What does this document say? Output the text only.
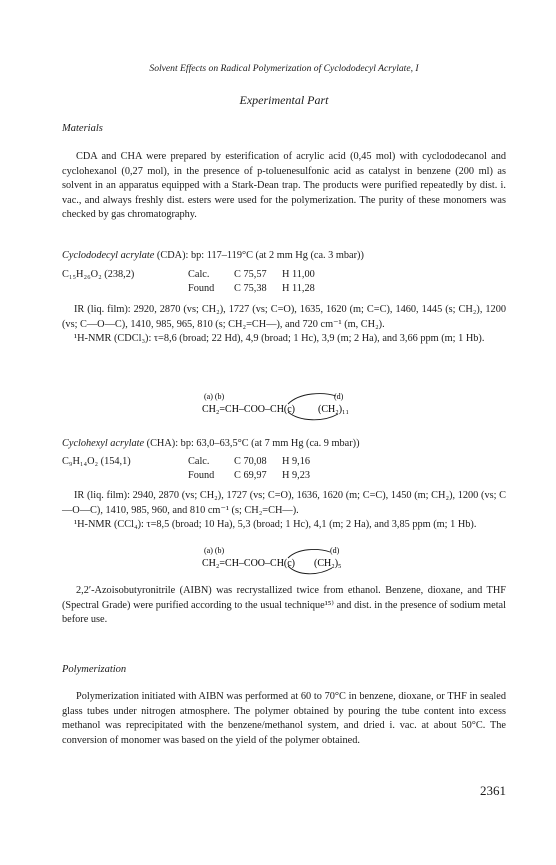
Solvent Effects on Radical Polymerization of Cyclododecyl Acrylate, I
Experimental Part
Materials

CDA and CHA were prepared by esterification of acrylic acid (0,45 mol) with cyclododecanol and cyclohexanol (0,27 mol), in the presence of p-toluenesulfonic acid as catalyst in benzene (200 ml) as solvent in an apparatus equipped with a Stark-Dean trap. The products were purified repeatedly by dist. i. vac., and always freshly dist. esters were used for the polymerization. The purity of these monomers was checked by gas chromatography.

Cyclododecyl acrylate (CDA): bp: 117–119°C (at 2 mm Hg (ca. 3 mbar))
C₁₅H₂₆O₂ (238,2)	Calc. C 75,57 H 11,00
Found C 75,38 H 11,28

IR (liq. film): 2920, 2870 (vs; CH₂), 1727 (vs; C=O), 1635, 1620 (m; C=C), 1460, 1445 (s; CH₂), 1200 (vs; C—O—C), 1410, 985, 965, 810 (s; CH₂=CH—), and 720 cm⁻¹ (m, CH₂).

¹H-NMR (CDCl₃): τ=8,6 (broad; 22 Hd), 4,9 (broad; 1 Hc), 3,9 (m; 2 Ha), and 3,66 ppm (m; 1 Hb).

(a) (b)
CH₂=CH–COO–CH(c)
(d)
(CH₂)₁₁
Cyclohexyl acrylate (CHA): bp: 63,0–63,5°C (at 7 mm Hg (ca. 9 mbar))
C₉H₁₄O₂ (154,1)	Calc. C 70,08 H 9,16
Found C 69,97 H 9,23

IR (liq. film): 2940, 2870 (vs; CH₂), 1727 (vs; C=O), 1636, 1620 (m; C=C), 1450 (m; CH₂), 1200 (vs; C—O—C), 1410, 985, 960, and 810 cm⁻¹ (s; CH₂=CH—).

¹H-NMR (CCl₄): τ=8,5 (broad; 10 Ha), 5,3 (broad; 1 Hc), 4,1 (m; 2 Ha), and 3,85 ppm (m; 1 Hb).

(a) (b)
CH₂=CH–COO–CH(c)
(d)
(CH₂)₅

2,2′-Azoisobutyronitrile (AIBN) was recrystallized twice from ethanol. Benzene, dioxane, and THF (Spectral Grade) were purified according to the usual technique¹⁵⁾ and dist. in the presence of sodium metal before use.

Polymerization

Polymerization initiated with AIBN was performed at 60 to 70°C in benzene, dioxane, or THF in sealed glass tubes under nitrogen atmosphere. The polymer obtained by pouring the tube content into excess methanol was reprecipitated with the benzene/methanol system, and dried i. vac. at about 50°C. The conversion of monomer was based on the yield of the polymer obtained.

2361
